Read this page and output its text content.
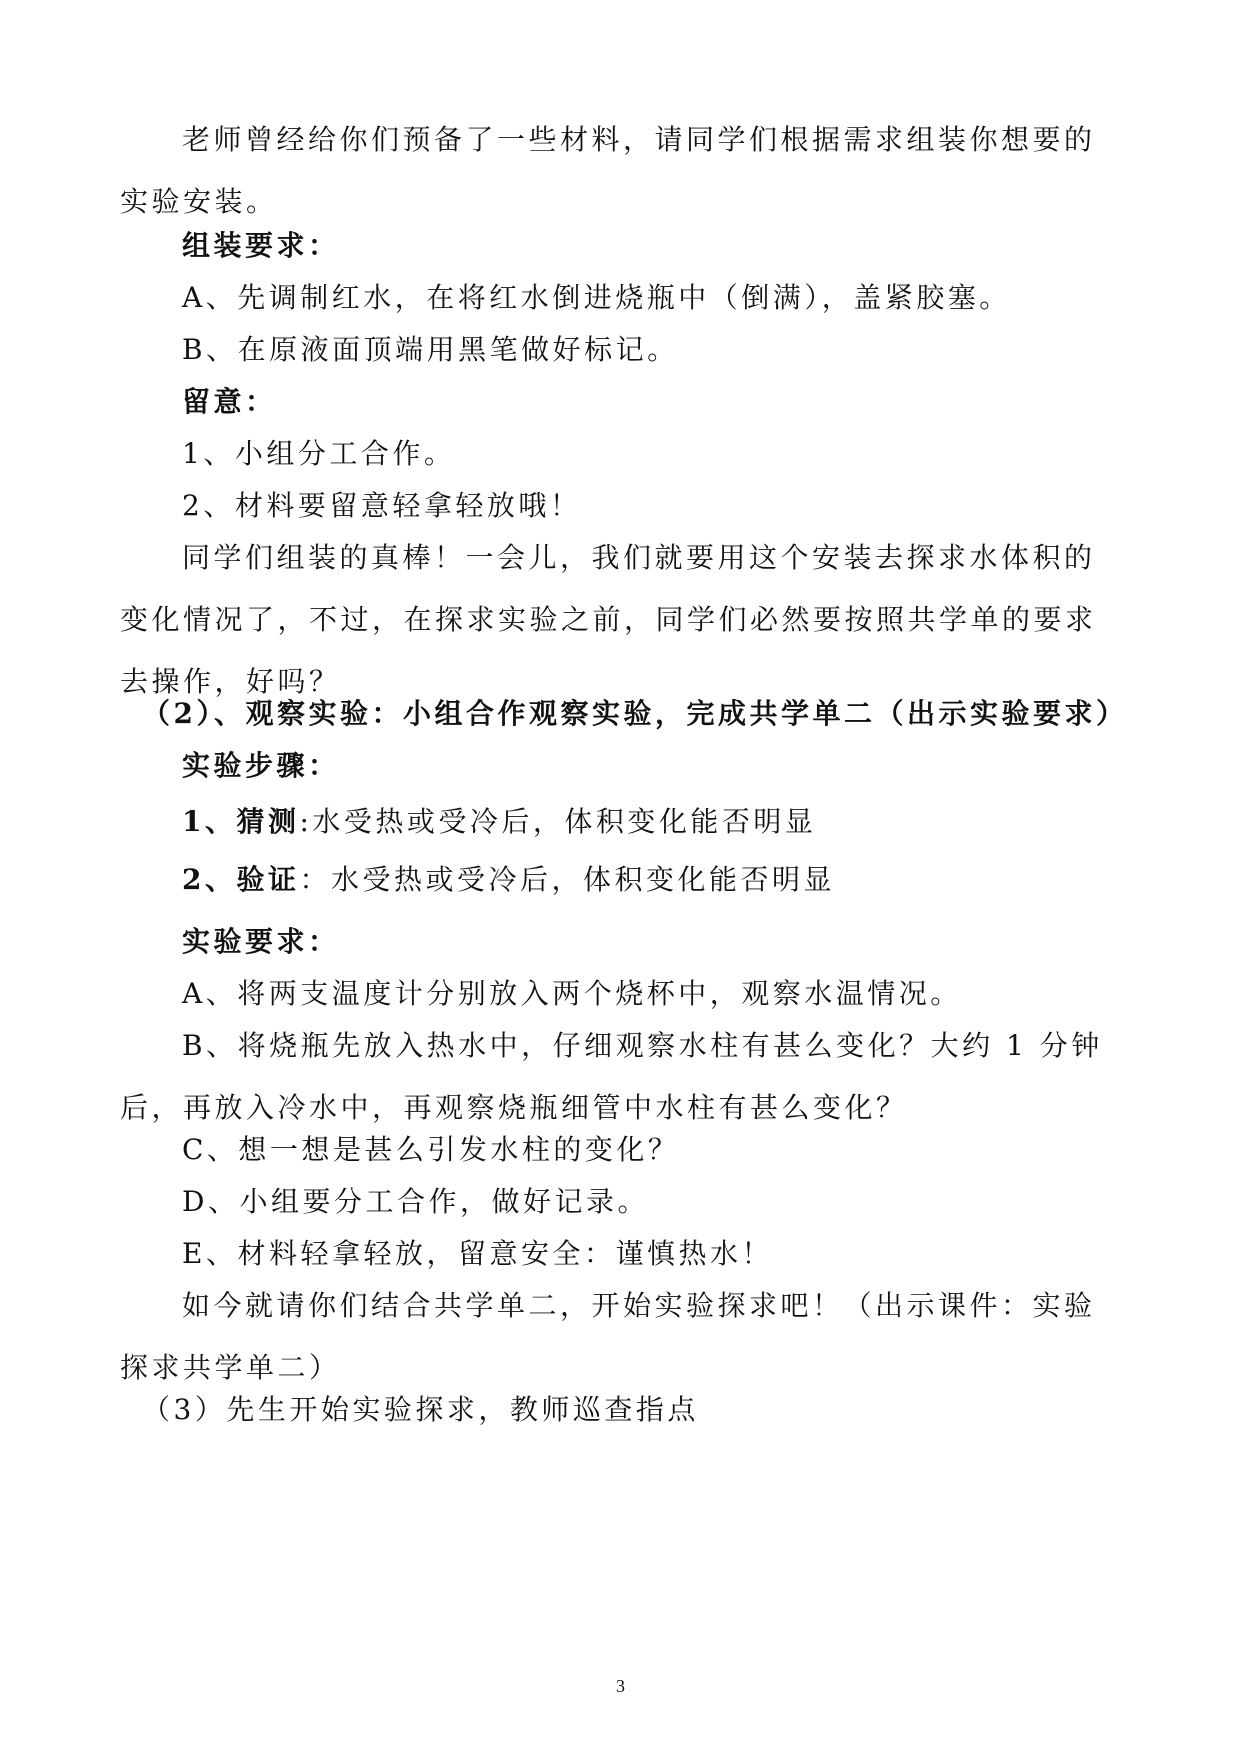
老师曾经给你们预备了一些材料，请同学们根据需求组装你想要的实验安装。

组装要求：

A、先调制红水，在将红水倒进烧瓶中（倒满），盖紧胶塞。

B、在原液面顶端用黑笔做好标记。

留意：

1、小组分工合作。

2、材料要留意轻拿轻放哦！

同学们组装的真棒！一会儿，我们就要用这个安装去探求水体积的变化情况了，不过，在探求实验之前，同学们必然要按照共学单的要求去操作，好吗？

（2）、观察实验：小组合作观察实验，完成共学单二（出示实验要求）

实验步骤：

1、猜测:水受热或受冷后，体积变化能否明显

2、验证：水受热或受冷后，体积变化能否明显

实验要求：

A、将两支温度计分别放入两个烧杯中，观察水温情况。

B、将烧瓶先放入热水中，仔细观察水柱有甚么变化？大约 1 分钟后，再放入冷水中，再观察烧瓶细管中水柱有甚么变化？

C、想一想是甚么引发水柱的变化？

D、小组要分工合作，做好记录。

E、材料轻拿轻放，留意安全：谨慎热水！

如今就请你们结合共学单二，开始实验探求吧！（出示课件：实验探求共学单二）

（3）先生开始实验探求，教师巡查指点

3
